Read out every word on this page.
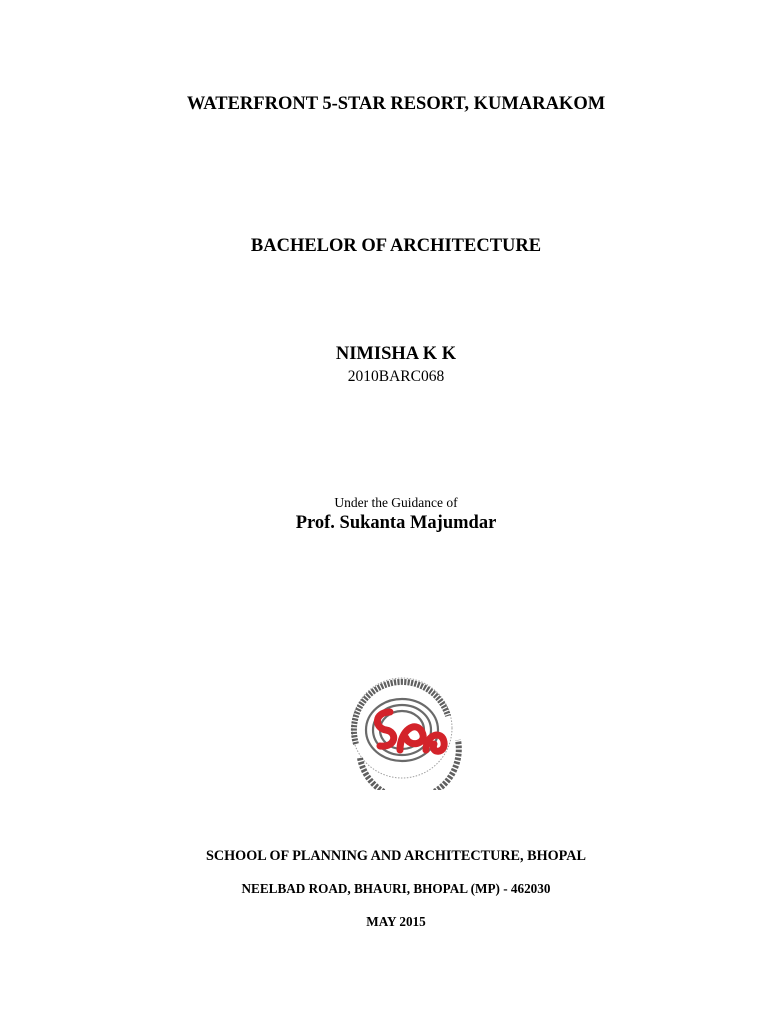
WATERFRONT 5-STAR RESORT, KUMARAKOM
BACHELOR OF ARCHITECTURE
NIMISHA K K
2010BARC068
Under the Guidance of
Prof. Sukanta Majumdar
SCHOOL OF PLANNING AND ARCHITECTURE, BHOPAL
NEELBAD ROAD, BHAURI, BHOPAL (MP) - 462030
MAY 2015
